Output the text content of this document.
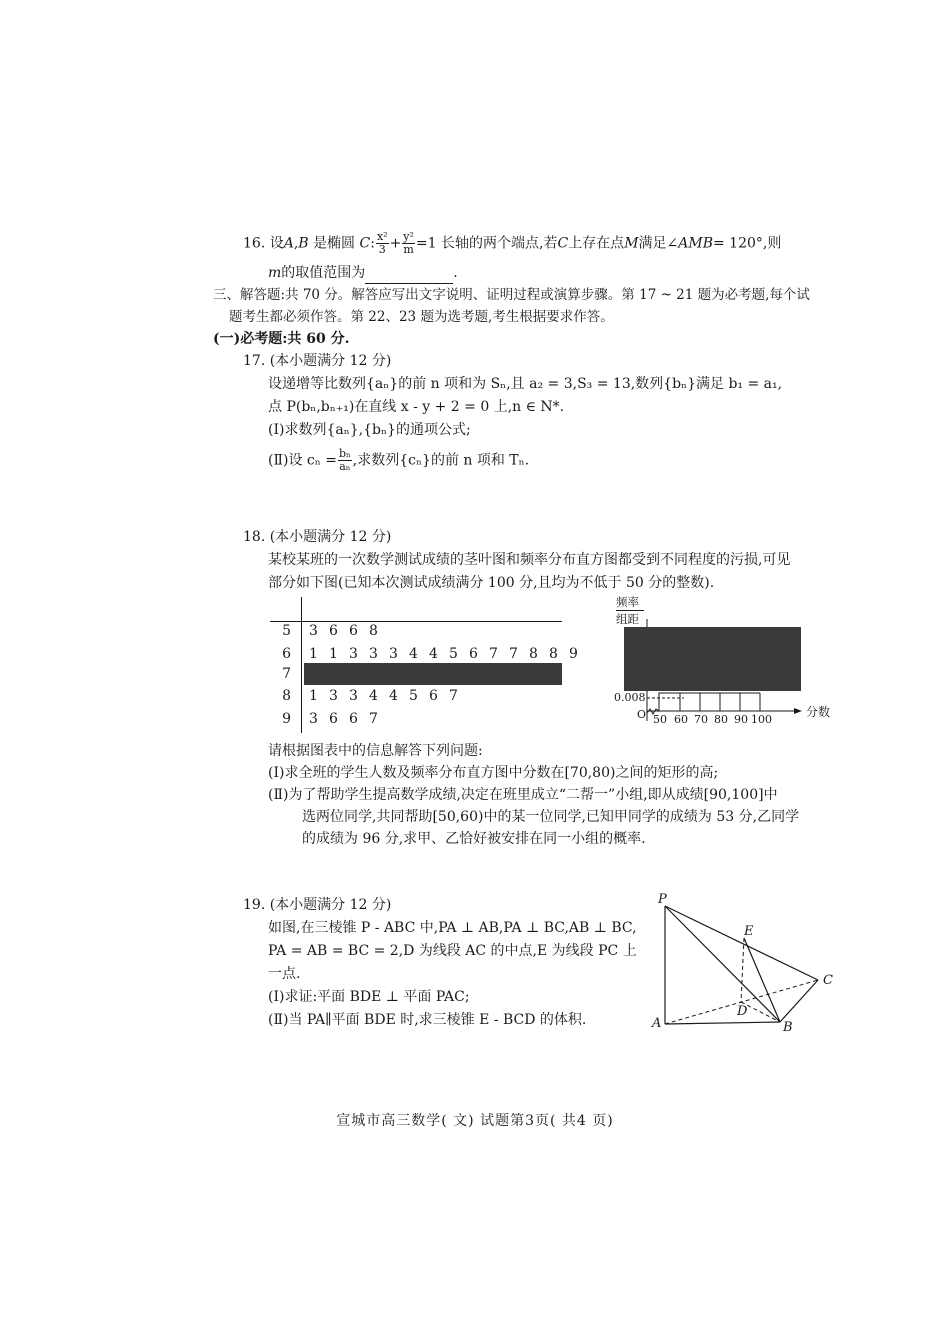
16. 设A,B 是椭圆 C: $\frac{\text{x²}}{3} + \frac{\text{y²}}{m} =1$ 长轴的两个端点,若C上存在点M满足∠AMB= 120°,则
m的取值范围为	.
三、解答题:共 70 分。解答应写出文字说明、证明过程或演算步骤。第 17 ~ 21 题为必考题,每个试
题考生都必须作答。第 22、23 题为选考题,考生根据要求作答。
(一)必考题:共 60 分.
17. (本小题满分 12 分)
设递增等比数列{aₙ}的前 n 项和为 Sₙ,且 a₂ = 3,S₃ = 13,数列{bₙ}满足 b₁ = a₁,
点 P(bₙ,bₙ₊₁)在直线 x - y + 2 = 0 上,n ∈ N*.
(Ⅰ)求数列{aₙ},{bₙ}的通项公式;
(Ⅱ)设 $c_n = \frac{\text{bₙ}}{\text{aₙ}}$ ,求数列{cₙ}的前 n 项和 Tₙ.
18. (本小题满分 12 分)
某校某班的一次数学测试成绩的茎叶图和频率分布直方图都受到不同程度的污损,可见
部分如下图(已知本次测试成绩满分 100 分,且均为不低于 50 分的整数).
5 3 6 6 8
6 1 1 3 3 3 4 4 5 6 7 7 8 8 9
7
8 1 3 3 4 4 5 6 7
9 3 6 6 7
频率
组距
0.008
O 50 60 70 80 90 100
分数
请根据图表中的信息解答下列问题:
(Ⅰ)求全班的学生人数及频率分布直方图中分数在[70,80)之间的矩形的高;
(Ⅱ)为了帮助学生提高数学成绩,决定在班里成立“二帮一”小组,即从成绩[90,100]中
选两位同学,共同帮助[50,60)中的某一位同学,已知甲同学的成绩为 53 分,乙同学
的成绩为 96 分,求甲、乙恰好被安排在同一小组的概率.
19. (本小题满分 12 分)
如图,在三棱锥 P - ABC 中,PA ⊥ AB,PA ⊥ BC,AB ⊥ BC,
PA = AB = BC = 2,D 为线段 AC 的中点,E 为线段 PC 上
一点.
(Ⅰ)求证:平面 BDE ⊥ 平面 PAC;
(Ⅱ)当 PA∥平面 BDE 时,求三棱锥 E - BCD 的体积.
P
E
C
D
A	B
宣城市高三数学( 文) 试题第3页( 共4 页)
